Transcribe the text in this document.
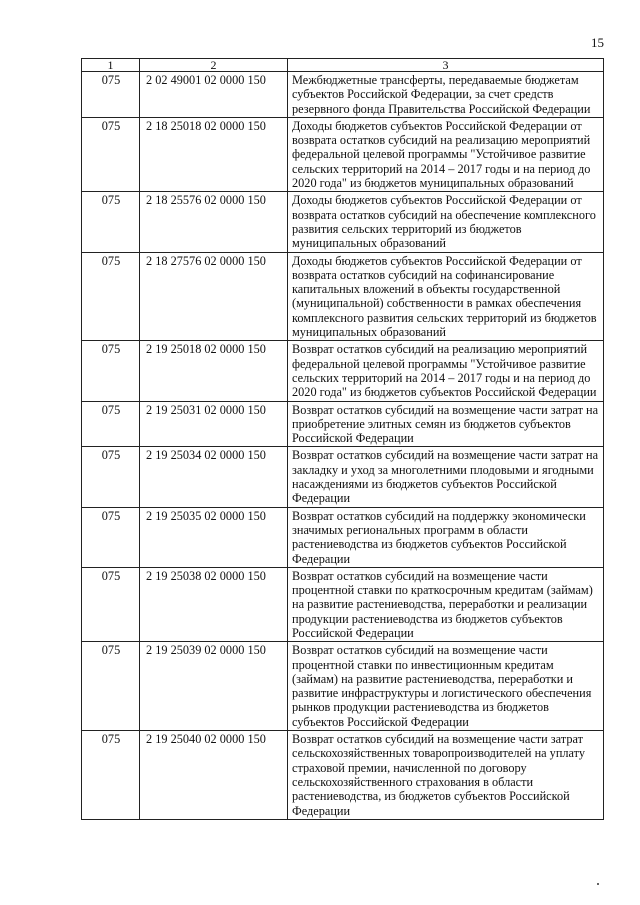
15
1	2	3
075	2 02 49001 02 0000 150	Межбюджетные трансферты, передаваемые бюджетам субъектов Российской Федерации, за счет средств резервного фонда Правительства Российской Федерации
075	2 18 25018 02 0000 150	Доходы бюджетов субъектов Российской Федерации от возврата остатков субсидий на реализацию мероприятий федеральной целевой программы "Устойчивое развитие сельских территорий на 2014 – 2017 годы и на период до 2020 года" из бюджетов муниципальных образований
075	2 18 25576 02 0000 150	Доходы бюджетов субъектов Российской Федерации от возврата остатков субсидий на обеспечение комплексного развития сельских территорий из бюджетов муниципальных образований
075	2 18 27576 02 0000 150	Доходы бюджетов субъектов Российской Федерации от возврата остатков субсидий на софинансирование капитальных вложений в объекты государственной (муниципальной) собственности в рамках обеспечения комплексного развития сельских территорий из бюджетов муниципальных образований
075	2 19 25018 02 0000 150	Возврат остатков субсидий на реализацию мероприятий федеральной целевой программы "Устойчивое развитие сельских территорий на 2014 – 2017 годы и на период до 2020 года" из бюджетов субъектов Российской Федерации
075	2 19 25031 02 0000 150	Возврат остатков субсидий на возмещение части затрат на приобретение элитных семян из бюджетов субъектов Российской Федерации
075	2 19 25034 02 0000 150	Возврат остатков субсидий на возмещение части затрат на закладку и уход за многолетними плодовыми и ягодными насаждениями из бюджетов субъектов Российской Федерации
075	2 19 25035 02 0000 150	Возврат остатков субсидий на поддержку экономически значимых региональных программ в области растениеводства из бюджетов субъектов Российской Федерации
075	2 19 25038 02 0000 150	Возврат остатков субсидий на возмещение части процентной ставки по краткосрочным кредитам (займам) на развитие растениеводства, переработки и реализации продукции растениеводства из бюджетов субъектов Российской Федерации
075	2 19 25039 02 0000 150	Возврат остатков субсидий на возмещение части процентной ставки по инвестиционным кредитам (займам) на развитие растениеводства, переработки и развитие инфраструктуры и логистического обеспечения рынков продукции растениеводства из бюджетов субъектов Российской Федерации
075	2 19 25040 02 0000 150	Возврат остатков субсидий на возмещение части затрат сельскохозяйственных товаропроизводителей на уплату страховой премии, начисленной по договору сельскохозяйственного страхования в области растениеводства, из бюджетов субъектов Российской Федерации
